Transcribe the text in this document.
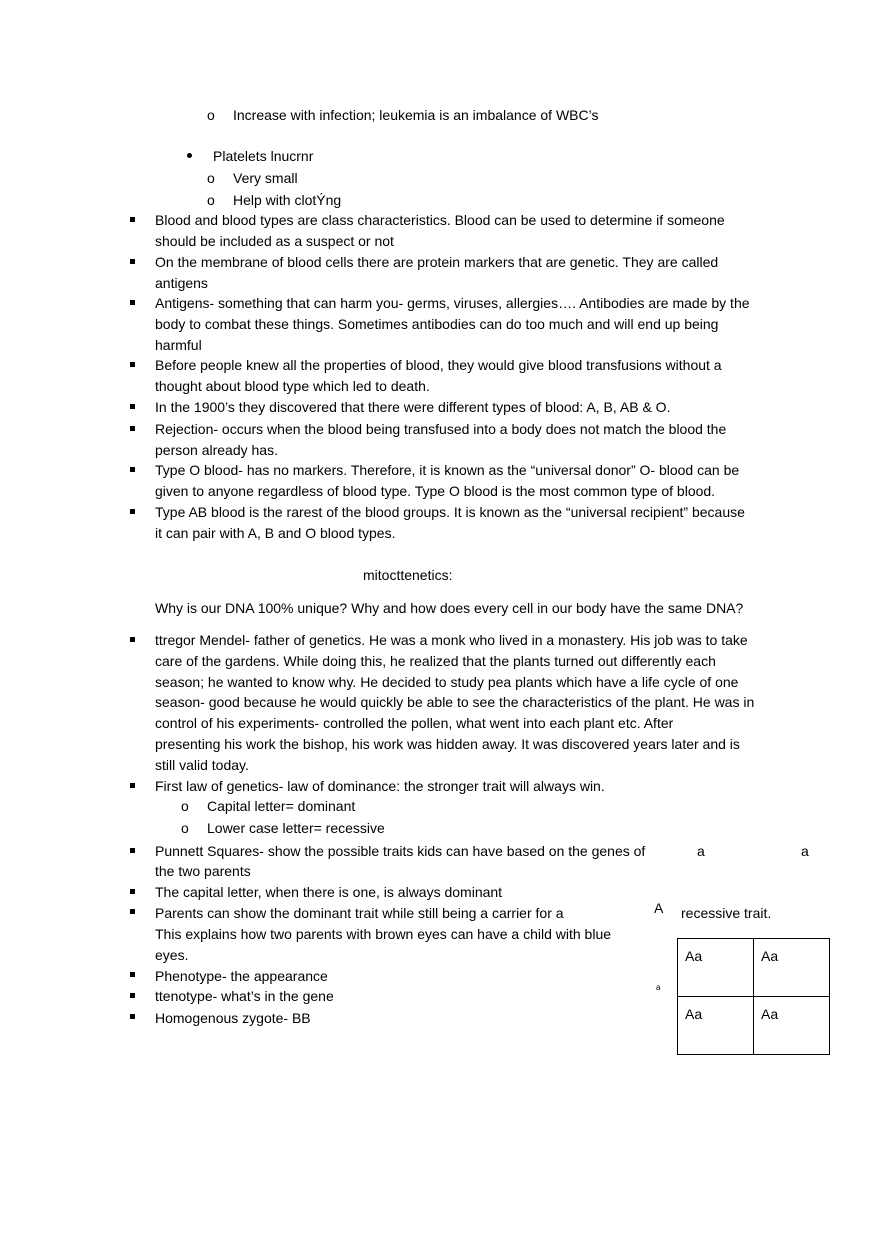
o Increase with infection; leukemia is an imbalance of WBC’s
Platelets lnucrnr
o Very small
o Help with clotÝng
Blood and blood types are class characteristics. Blood can be used to determine if someone
should be included as a suspect or not
On the membrane of blood cells there are protein markers that are genetic. They are called
antigens
Antigens- something that can harm you- germs, viruses, allergies…. Antibodies are made by the
body to combat these things. Sometimes antibodies can do too much and will end up being
harmful
Before people knew all the properties of blood, they would give blood transfusions without a
thought about blood type which led to death.
In the 1900’s they discovered that there were different types of blood: A, B, AB & O.
Rejection- occurs when the blood being transfused into a body does not match the blood the
person already has.
Type O blood- has no markers. Therefore, it is known as the “universal donor” O- blood can be
given to anyone regardless of blood type. Type O blood is the most common type of blood.
Type AB blood is the rarest of the blood groups. It is known as the “universal recipient” because
it can pair with A, B and O blood types.
mitocttenetics:
Why is our DNA 100% unique? Why and how does every cell in our body have the same DNA?
ttregor Mendel- father of genetics. He was a monk who lived in a monastery. His job was to take
care of the gardens. While doing this, he realized that the plants turned out differently each
season; he wanted to know why. He decided to study pea plants which have a life cycle of one
season- good because he would quickly be able to see the characteristics of the plant. He was in
control of his experiments- controlled the pollen, what went into each plant etc. After
presenting his work the bishop, his work was hidden away. It was discovered years later and is
still valid today.
First law of genetics- law of dominance: the stronger trait will always win.
o Capital letter= dominant
o Lower case letter= recessive
Punnett Squares- show the possible traits kids can have based on the genes of
the two parents
The capital letter, when there is one, is always dominant
Parents can show the dominant trait while still being a carrier for a	recessive trait.
This explains how two parents with brown eyes can have a child with blue
eyes.
Phenotype- the appearance
ttenotype- what’s in the gene
Homogenous zygote- BB
a	a
A
a
Aa	Aa
Aa	Aa
